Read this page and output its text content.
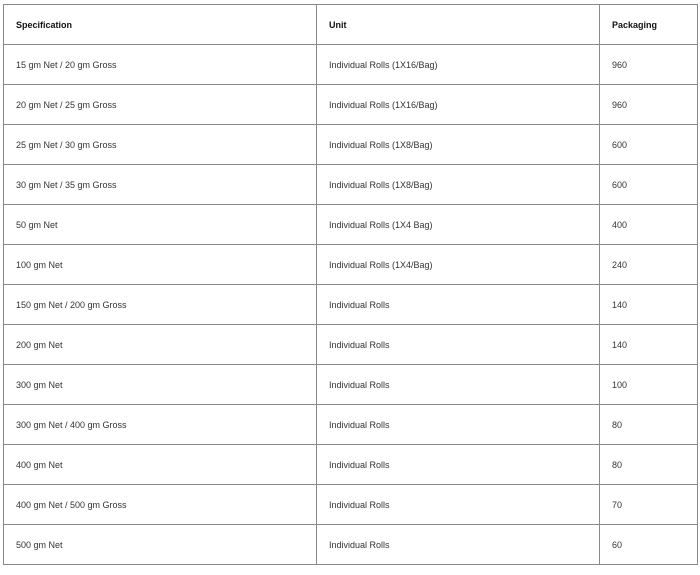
Specification	Unit	Packaging
15 gm Net / 20 gm Gross	Individual Rolls (1X16/Bag)	960
20 gm Net / 25 gm Gross	Individual Rolls (1X16/Bag)	960
25 gm Net / 30 gm Gross	Individual Rolls (1X8/Bag)	600
30 gm Net / 35 gm Gross	Individual Rolls (1X8/Bag)	600
50 gm Net	Individual Rolls (1X4 Bag)	400
100 gm Net	Individual Rolls (1X4/Bag)	240
150 gm Net / 200 gm Gross	Individual Rolls	140
200 gm Net	Individual Rolls	140
300 gm Net	Individual Rolls	100
300 gm Net / 400 gm Gross	Individual Rolls	80
400 gm Net	Individual Rolls	80
400 gm Net / 500 gm Gross	Individual Rolls	70
500 gm Net	Individual Rolls	60
